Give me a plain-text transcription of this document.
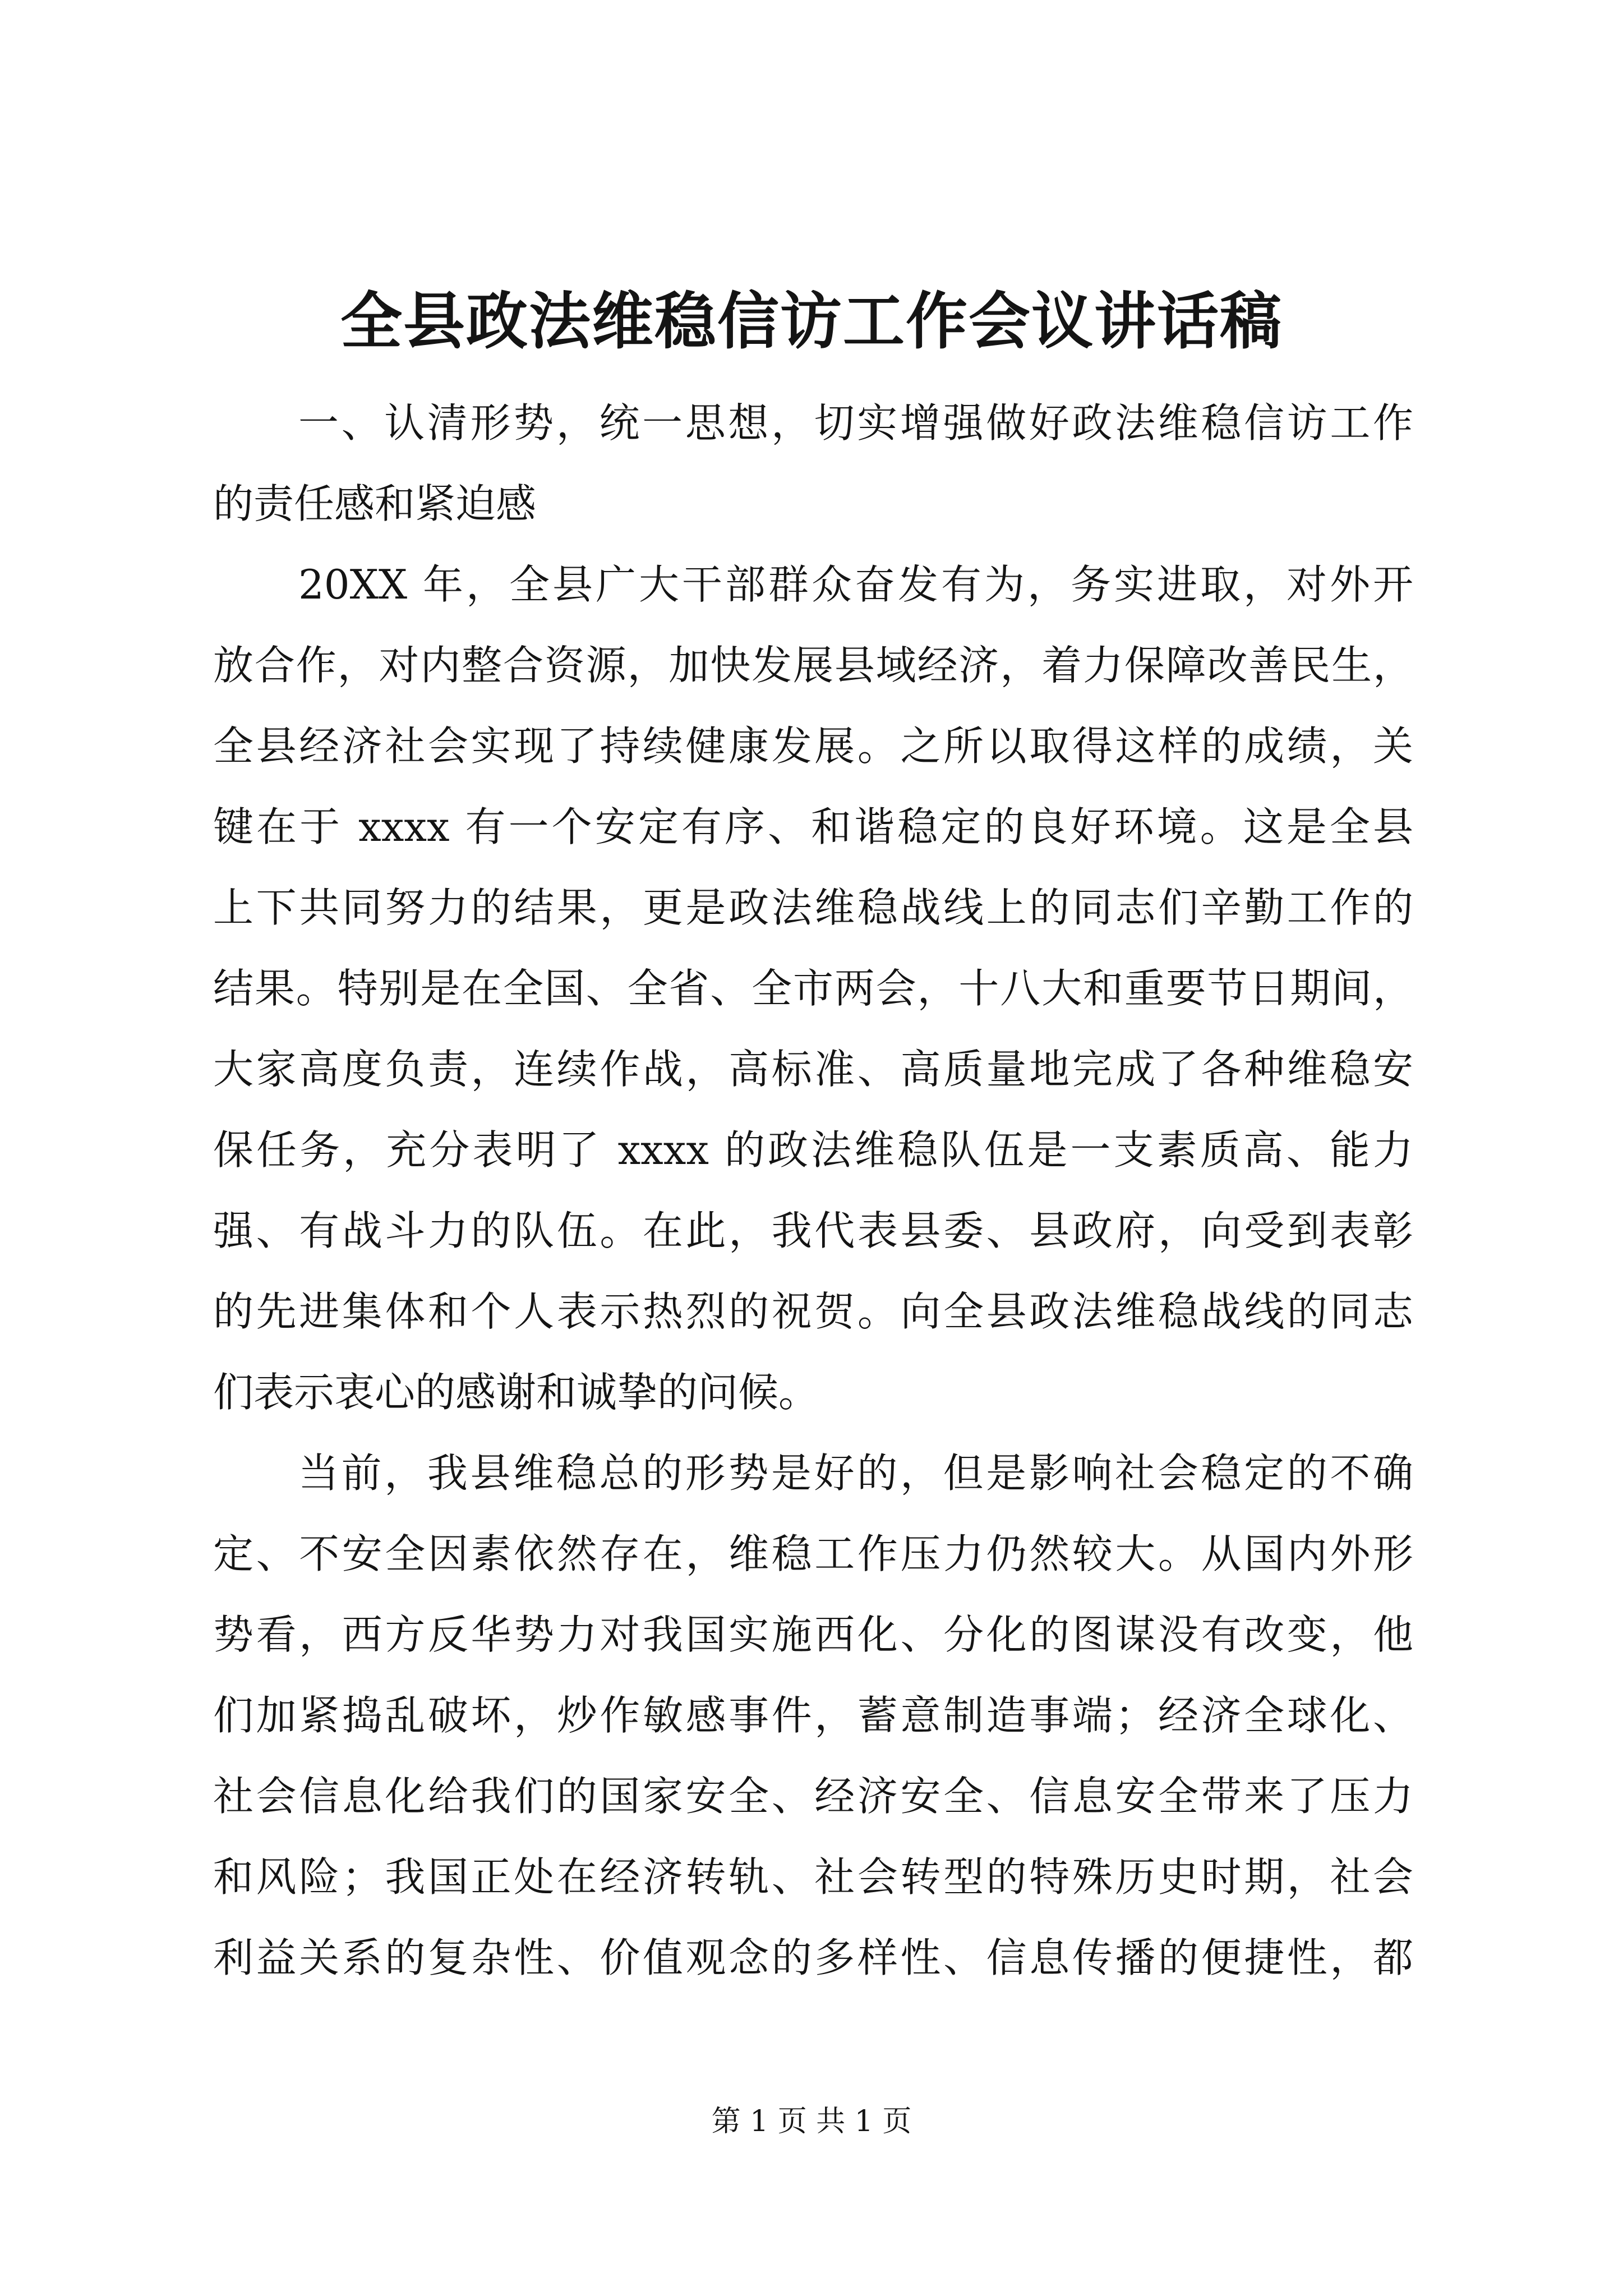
全县政法维稳信访工作会议讲话稿
一、认清形势，统一思想，切实增强做好政法维稳信访工作
的责任感和紧迫感
20XX 年，全县广大干部群众奋发有为，务实进取，对外开
放合作，对内整合资源，加快发展县域经济，着力保障改善民生，
全县经济社会实现了持续健康发展。之所以取得这样的成绩，关
键在于 xxxx 有一个安定有序、和谐稳定的良好环境。这是全县
上下共同努力的结果，更是政法维稳战线上的同志们辛勤工作的
结果。特别是在全国、全省、全市两会，十八大和重要节日期间，
大家高度负责，连续作战，高标准、高质量地完成了各种维稳安
保任务，充分表明了 xxxx 的政法维稳队伍是一支素质高、能力
强、有战斗力的队伍。在此，我代表县委、县政府，向受到表彰
的先进集体和个人表示热烈的祝贺。向全县政法维稳战线的同志
们表示衷心的感谢和诚挚的问候。
当前，我县维稳总的形势是好的，但是影响社会稳定的不确
定、不安全因素依然存在，维稳工作压力仍然较大。从国内外形
势看，西方反华势力对我国实施西化、分化的图谋没有改变，他
们加紧捣乱破坏，炒作敏感事件，蓄意制造事端；经济全球化、
社会信息化给我们的国家安全、经济安全、信息安全带来了压力
和风险；我国正处在经济转轨、社会转型的特殊历史时期，社会
利益关系的复杂性、价值观念的多样性、信息传播的便捷性，都
第 1 页 共 1 页
